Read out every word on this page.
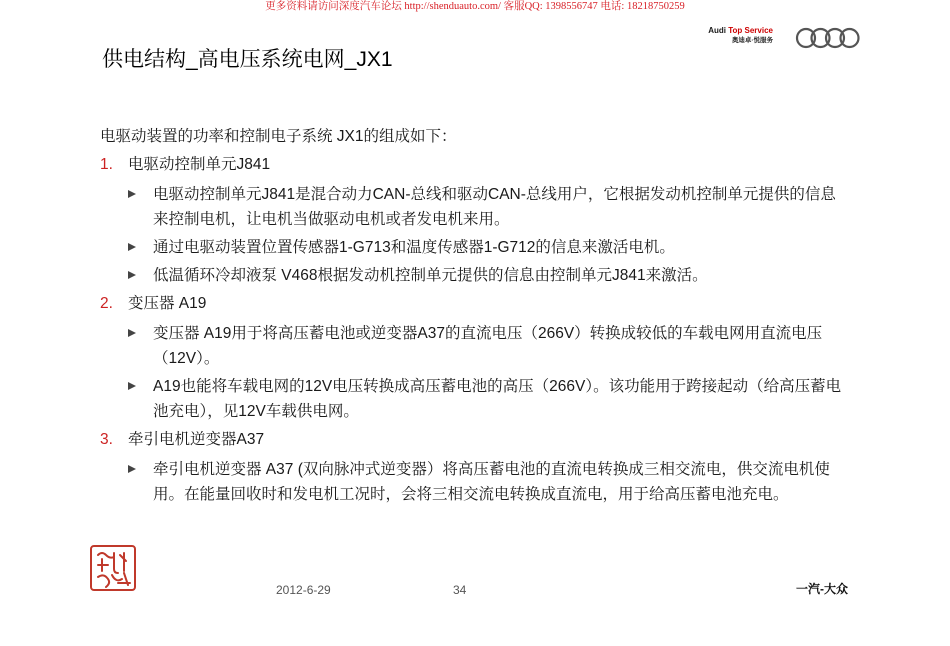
更多资料请访问深度汽车论坛 http://shenduauto.com/ 客服QQ: 1398556747 电话: 18218750259
Audi Top Service
奥迪卓·悦服务
供电结构_高电压系统电网_JX1
电驱动装置的功率和控制电子系统 JX1的组成如下：
1. 电驱动控制单元J841
电驱动控制单元J841是混合动力CAN-总线和驱动CAN-总线用户，它根据发动机控制单元提供的信息来控制电机，让电机当做驱动电机或者发电机来用。
通过电驱动装置位置传感器1-G713和温度传感器1-G712的信息来激活电机。
低温循环冷却液泵 V468根据发动机控制单元提供的信息由控制单元J841来激活。
2. 变压器 A19
变压器 A19用于将高压蓄电池或逆变器A37的直流电压（266V）转换成较低的车载电网用直流电压（12V）。
A19也能将车载电网的12V电压转换成高压蓄电池的高压（266V）。该功能用于跨接起动（给高压蓄电池充电），见12V车载供电网。
3. 牵引电机逆变器A37
牵引电机逆变器 A37 (双向脉冲式逆变器）将高压蓄电池的直流电转换成三相交流电，供交流电机使用。在能量回收时和发电机工况时，会将三相交流电转换成直流电，用于给高压蓄电池充电。
2012-6-29	34	一汽-大众
